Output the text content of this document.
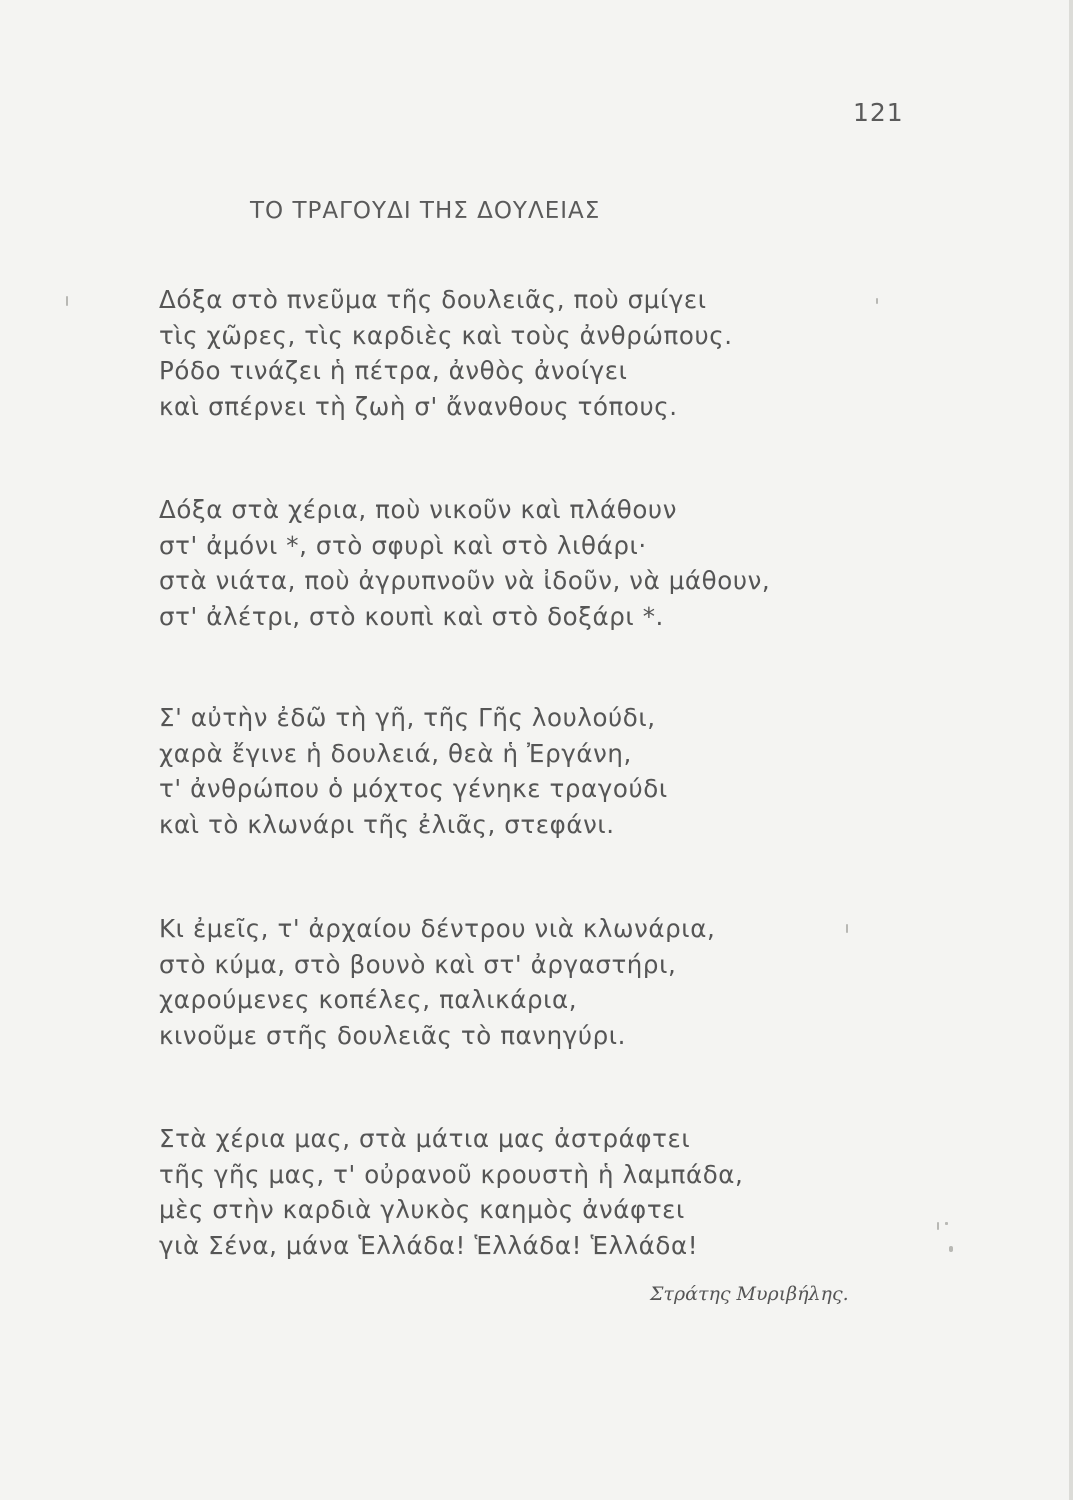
121
ΤΟ ΤΡΑΓΟΥΔΙ ΤΗΣ ΔΟΥΛΕΙΑΣ
Δόξα στὸ πνεῦμα τῆς δουλειᾶς, ποὺ σμίγει
τὶς χῶρες, τὶς καρδιὲς καὶ τοὺς ἀνθρώπους.
Ρόδο τινάζει ἡ πέτρα, ἀνθὸς ἀνοίγει
καὶ σπέρνει τὴ ζωὴ σ' ἄνανθους τόπους.
Δόξα στὰ χέρια, ποὺ νικοῦν καὶ πλάθουν
στ' ἀμόνι *, στὸ σφυρὶ καὶ στὸ λιθάρι·
στὰ νιάτα, ποὺ ἀγρυπνοῦν νὰ ἰδοῦν, νὰ μάθουν,
στ' ἀλέτρι, στὸ κουπὶ καὶ στὸ δοξάρι *.
Σ' αὐτὴν ἐδῶ τὴ γῆ, τῆς Γῆς λουλούδι,
χαρὰ ἔγινε ἡ δουλειά, θεὰ ἡ Ἐργάνη,
τ' ἀνθρώπου ὁ μόχτος γένηκε τραγούδι
καὶ τὸ κλωνάρι τῆς ἐλιᾶς, στεφάνι.
Κι ἐμεῖς, τ' ἀρχαίου δέντρου νιὰ κλωνάρια,
στὸ κύμα, στὸ βουνὸ καὶ στ' ἀργαστήρι,
χαρούμενες κοπέλες, παλικάρια,
κινοῦμε στῆς δουλειᾶς τὸ πανηγύρι.
Στὰ χέρια μας, στὰ μάτια μας ἀστράφτει
τῆς γῆς μας, τ' οὐρανοῦ κρουστὴ ἡ λαμπάδα,
μὲς στὴν καρδιὰ γλυκὸς καημὸς ἀνάφτει
γιὰ Σένα, μάνα Ἑλλάδα! Ἑλλάδα! Ἑλλάδα!
Στράτης Μυριβήλης.
